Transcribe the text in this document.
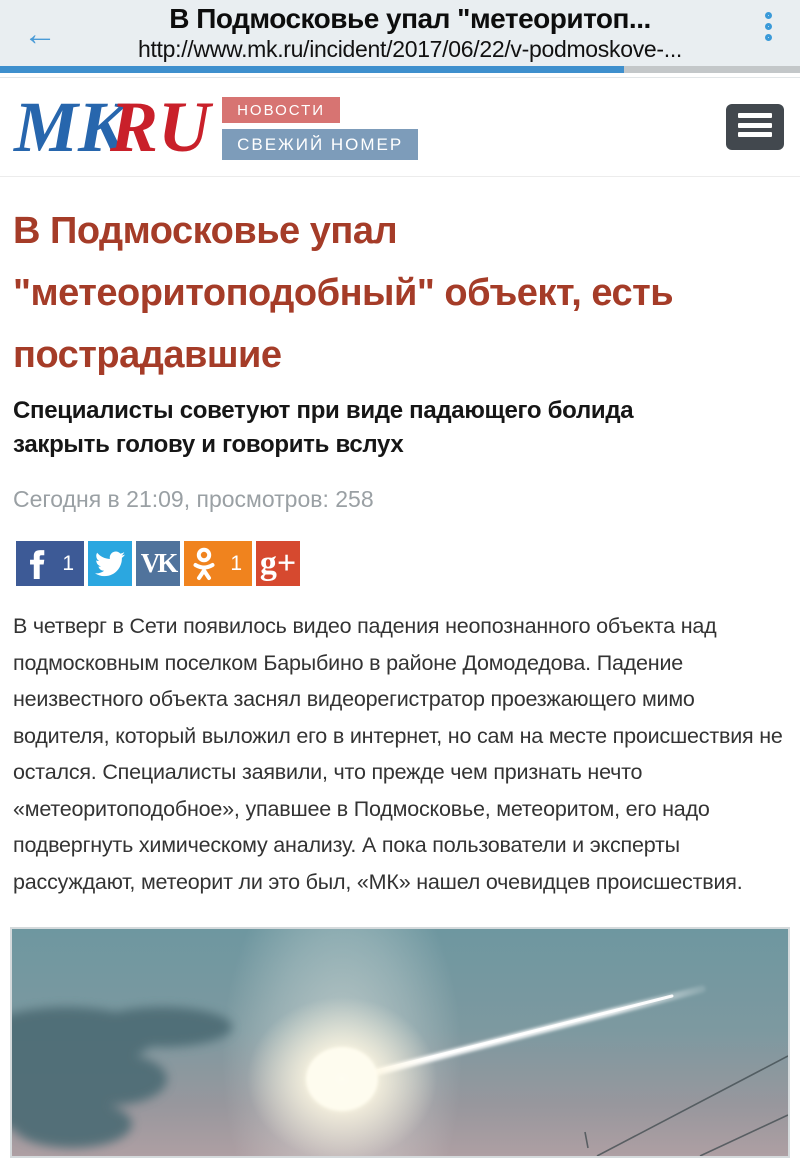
←	В Подмосковье упал "метеоритоп...
http://www.mk.ru/incident/2017/06/22/v-podmoskove-...
MKRU НОВОСТИ
СВЕЖИЙ НОМЕР
В Подмосковье упал "метеоритоподобный" объект, есть пострадавшие
Специалисты советуют при виде падающего болида закрыть голову и говорить вслух
Сегодня в 21:09, просмотров: 258
1 VK	1 g+

В четверг в Сети появилось видео падения неопознанного объекта над подмосковным поселком Барыбино в районе Домодедова. Падение неизвестного объекта заснял видеорегистратор проезжающего мимо водителя, который выложил его в интернет, но сам на месте происшествия не остался. Специалисты заявили, что прежде чем признать нечто «метеоритоподобное», упавшее в Подмосковье, метеоритом, его надо подвергнуть химическому анализу. А пока пользователи и эксперты рассуждают, метеорит ли это был, «МК» нашел очевидцев происшествия.
